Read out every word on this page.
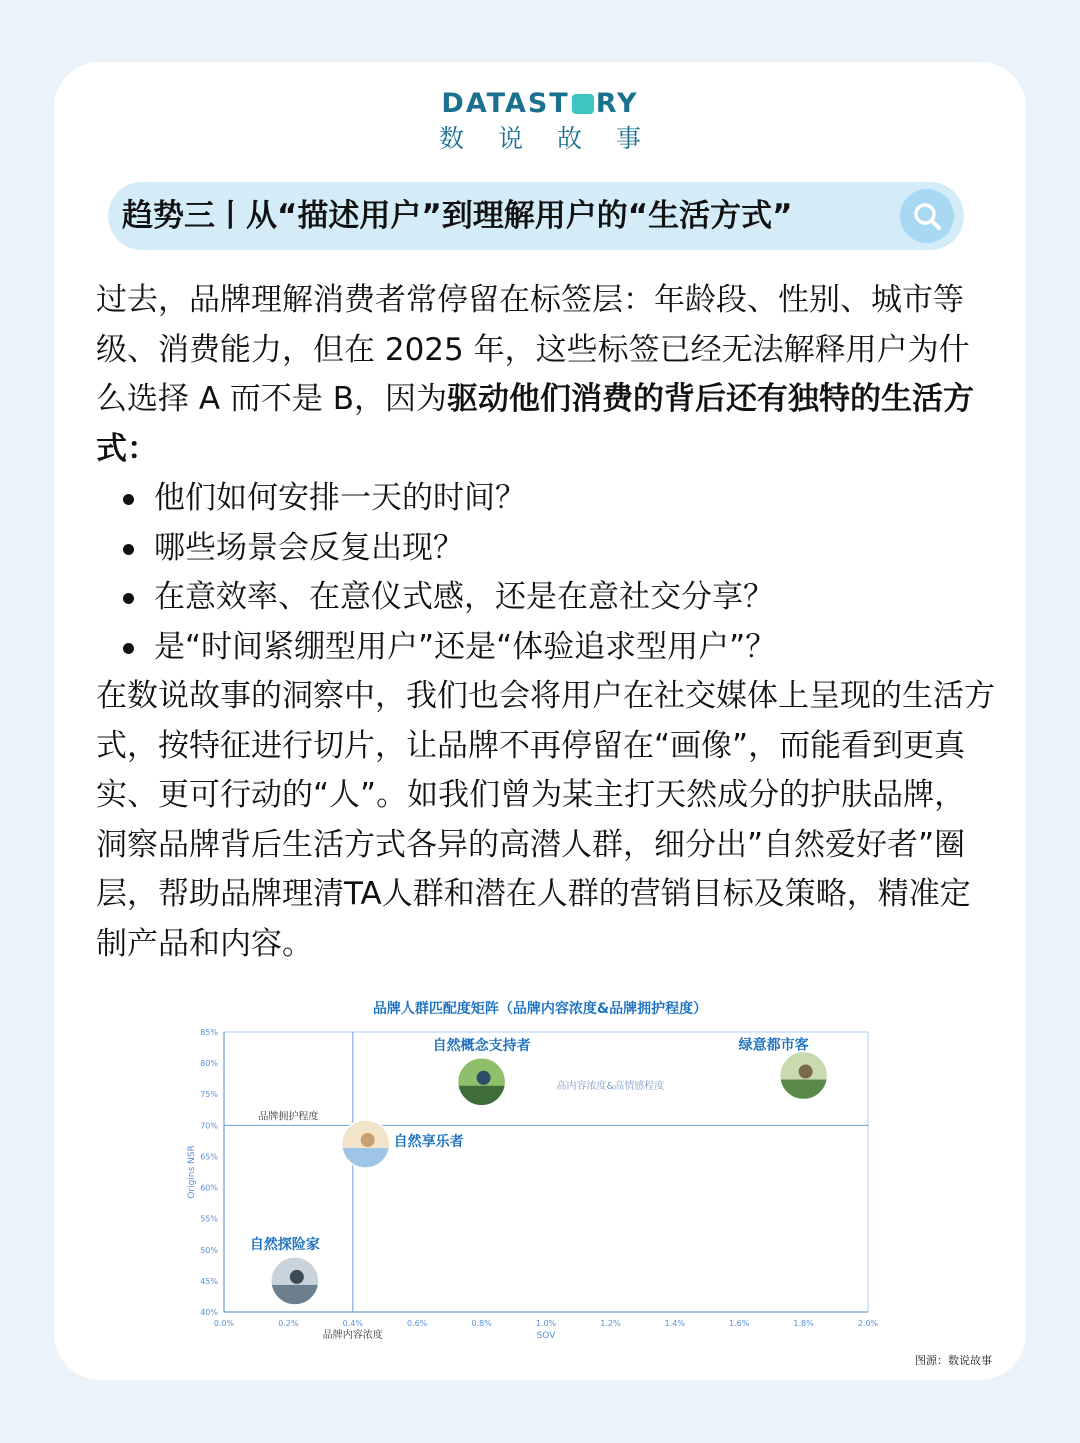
DATAST RY
数说故事
趋势三丨从“描述用户”到理解用户的“生活方式”

过去，品牌理解消费者常停留在标签层：年龄段、性别、城市等级、消费能力，但在 2025 年，这些标签已经无法解释用户为什么选择 A 而不是 B，因为驱动他们消费的背后还有独特的生活方式：

他们如何安排一天的时间？
哪些场景会反复出现？
在意效率、在意仪式感，还是在意社交分享？
是“时间紧绷型用户”还是“体验追求型用户”？

在数说故事的洞察中，我们也会将用户在社交媒体上呈现的生活方式，按特征进行切片，让品牌不再停留在“画像”，而能看到更真实、更可行动的“人”。如我们曾为某主打天然成分的护肤品牌，洞察品牌背后生活方式各异的高潜人群，细分出”自然爱好者”圈层，帮助品牌理清TA人群和潜在人群的营销目标及策略，精准定制产品和内容。

品牌人群匹配度矩阵（品牌内容浓度&品牌拥护程度）
0.0%	0.2%	0.4%	0.6%	0.8%	1.0%	1.2%	1.4%	1.6%	1.8%	2.0%
40%
45%
50%
55%
60%
65%
70%
75%
80%
85%
SOV
Origins NSR
品牌内容浓度
品牌拥护程度
高内容浓度&高情感程度
自然概念支持者	绿意都市客
自然享乐者
自然探险家
图源：数说故事
